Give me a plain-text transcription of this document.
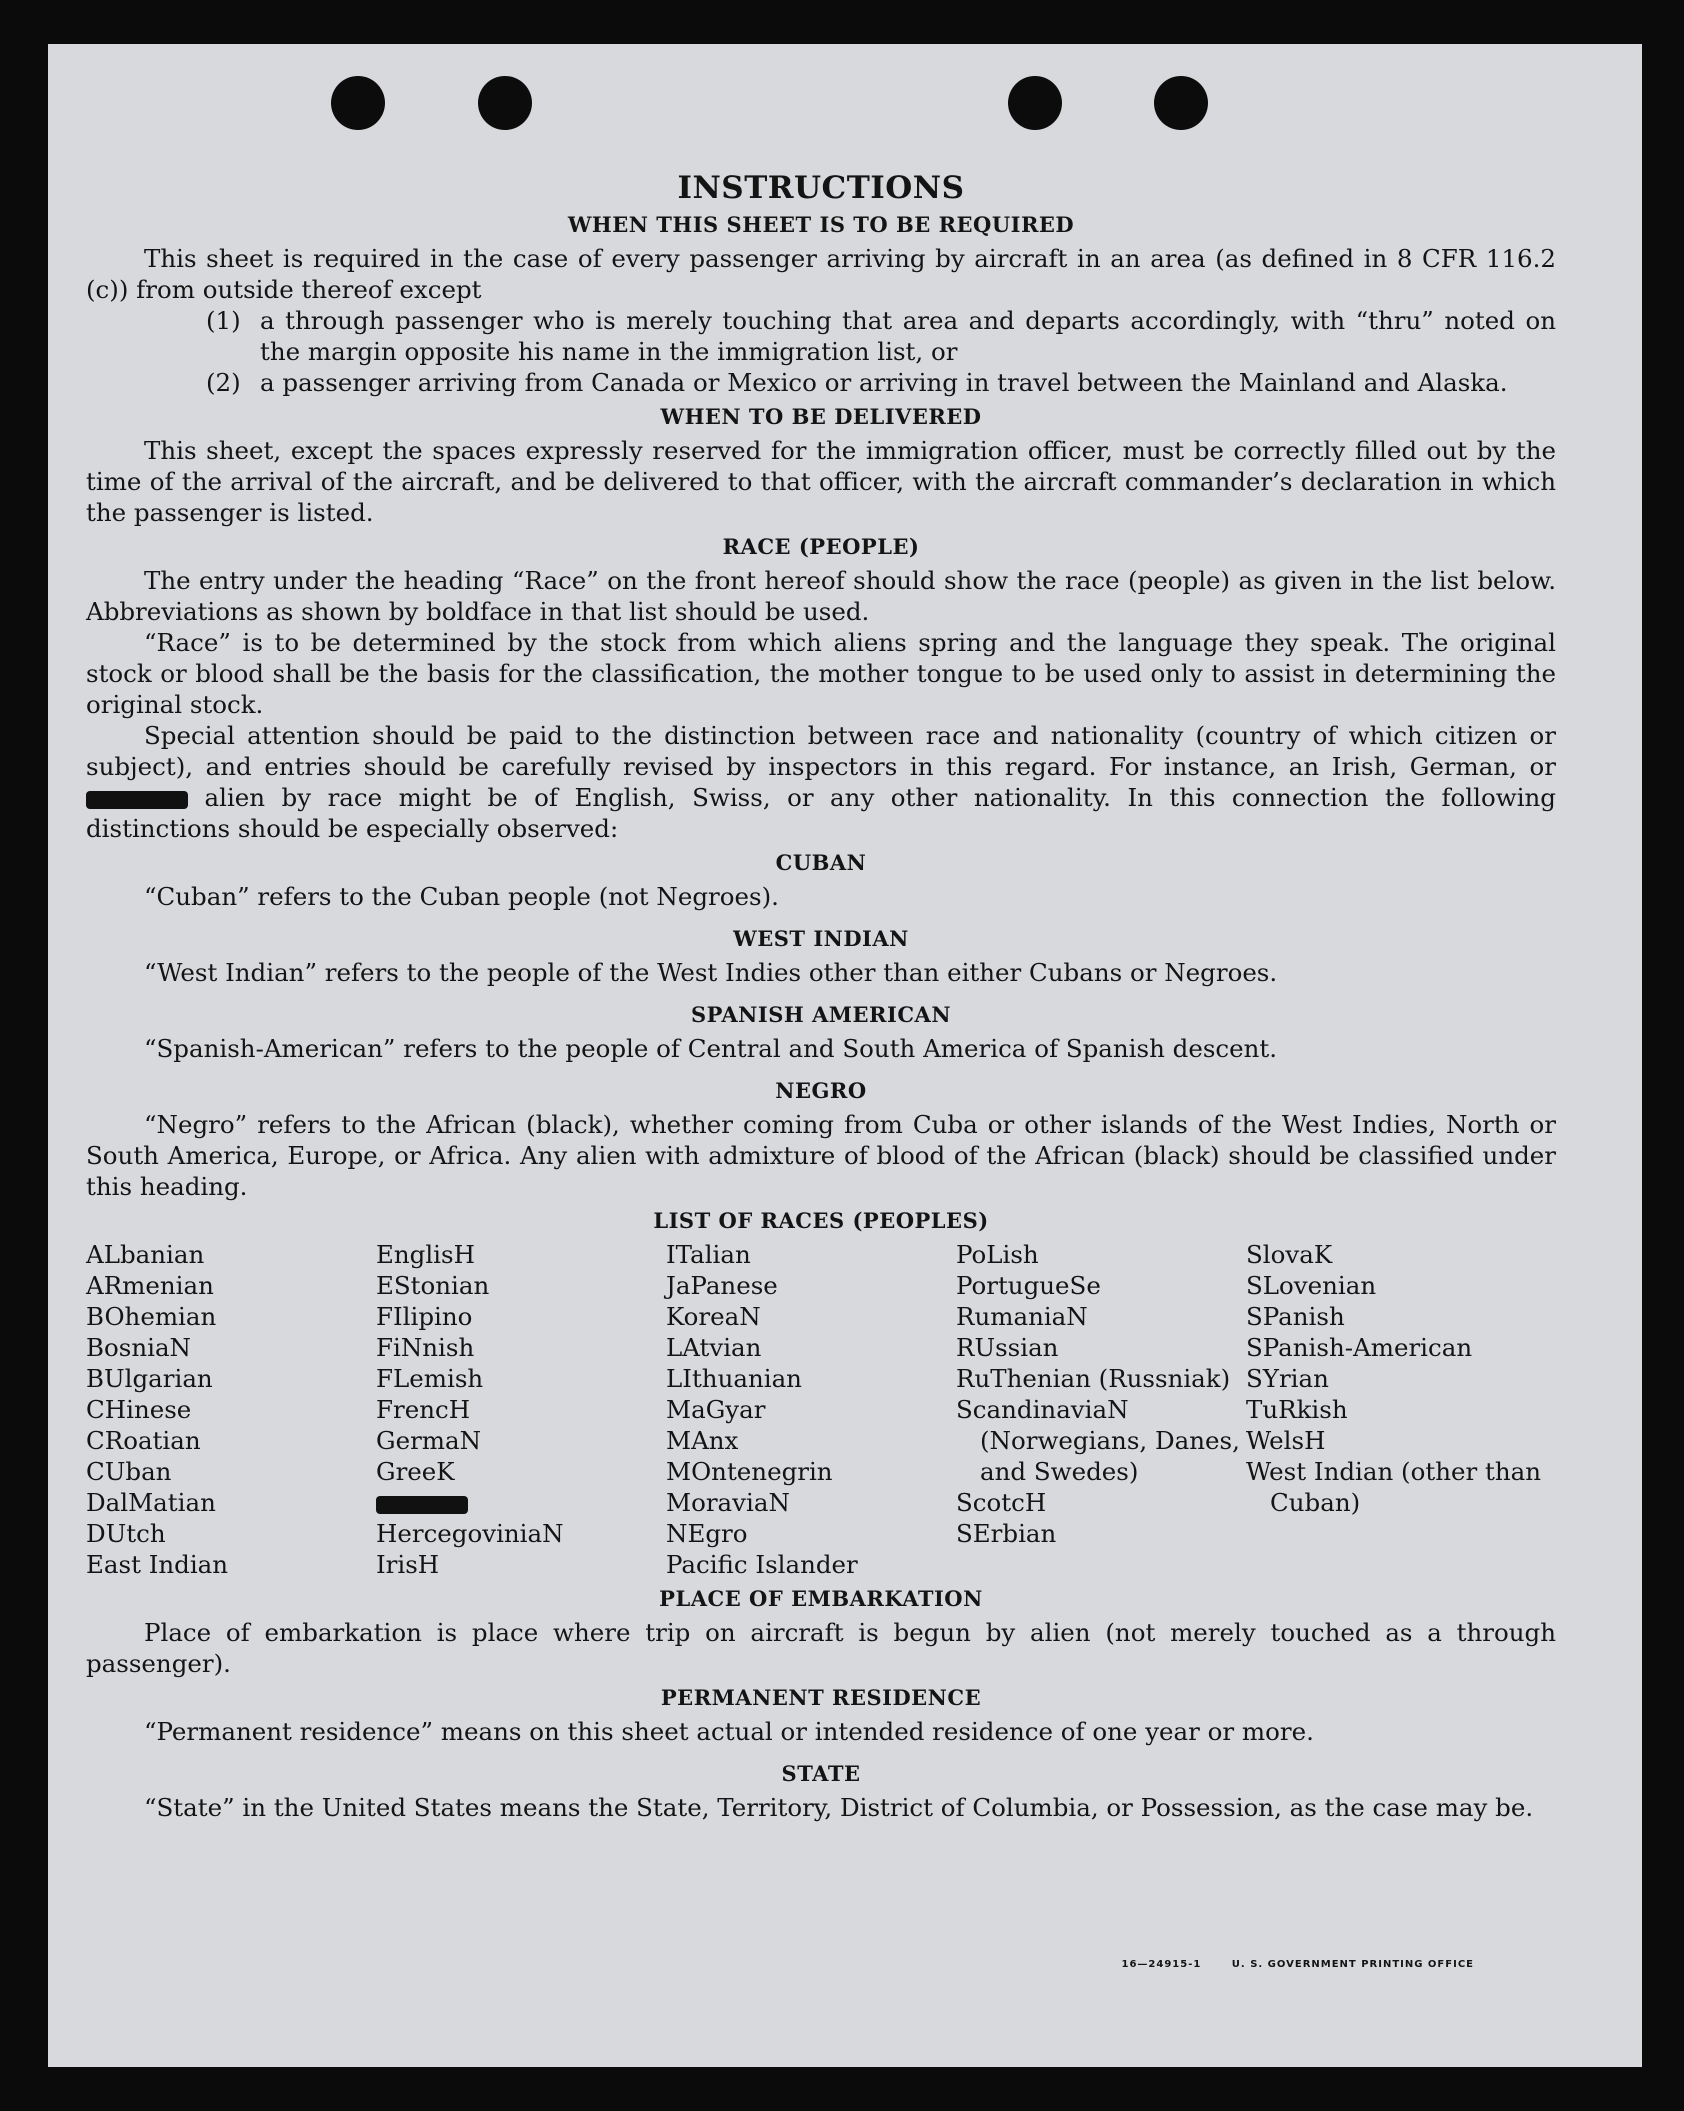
INSTRUCTIONS
WHEN THIS SHEET IS TO BE REQUIRED

This sheet is required in the case of every passenger arriving by aircraft in an area (as defined in 8 CFR 116.2 (c)) from outside thereof except

(1) a through passenger who is merely touching that area and departs accordingly, with “thru” noted on the margin opposite his name in the immigration list, or
(2) a passenger arriving from Canada or Mexico or arriving in travel between the Mainland and Alaska.
WHEN TO BE DELIVERED

This sheet, except the spaces expressly reserved for the immigration officer, must be correctly filled out by the time of the arrival of the aircraft, and be delivered to that officer, with the aircraft commander’s declaration in which the passenger is listed.

RACE (PEOPLE)

The entry under the heading “Race” on the front hereof should show the race (people) as given in the list below. Abbreviations as shown by boldface in that list should be used.

“Race” is to be determined by the stock from which aliens spring and the language they speak. The original stock or blood shall be the basis for the classification, the mother tongue to be used only to assist in determining the original stock.

Special attention should be paid to the distinction between race and nationality (country of which citizen or subject), and entries should be carefully revised by inspectors in this regard. For instance, an Irish, German, or  alien by race might be of English, Swiss, or any other nationality. In this connection the following distinctions should be especially observed:

CUBAN

“Cuban” refers to the Cuban people (not Negroes).

WEST INDIAN

“West Indian” refers to the people of the West Indies other than either Cubans or Negroes.

SPANISH AMERICAN

“Spanish-American” refers to the people of Central and South America of Spanish descent.

NEGRO

“Negro” refers to the African (black), whether coming from Cuba or other islands of the West Indies, North or South America, Europe, or Africa. Any alien with admixture of blood of the African (black) should be classified under this heading.

LIST OF RACES (PEOPLES)
ALbanian
ARmenian
BOhemian
BosniaN
BUlgarian
CHinese
CRoatian
CUban
DalMatian
DUtch
East Indian
EnglisH
EStonian
FIlipino
FiNnish
FLemish
FrencH
GermaN
GreeK
HercegoviniaN
IrisH
ITalian
JaPanese
KoreaN
LAtvian
LIthuanian
MaGyar
MAnx
MOntenegrin
MoraviaN
NEgro
Pacific Islander
PoLish
PortugueSe
RumaniaN
RUssian
RuThenian (Russniak)
ScandinaviaN (Norwegians, Danes, and Swedes)
ScotcH
SErbian
SlovaK
SLovenian
SPanish
SPanish-American
SYrian
TuRkish
WelsH
West Indian (other than Cuban)
PLACE OF EMBARKATION

Place of embarkation is place where trip on aircraft is begun by alien (not merely touched as a through passenger).

PERMANENT RESIDENCE

“Permanent residence” means on this sheet actual or intended residence of one year or more.

STATE

“State” in the United States means the State, Territory, District of Columbia, or Possession, as the case may be.

16—24915-1	U. S. GOVERNMENT PRINTING OFFICE
